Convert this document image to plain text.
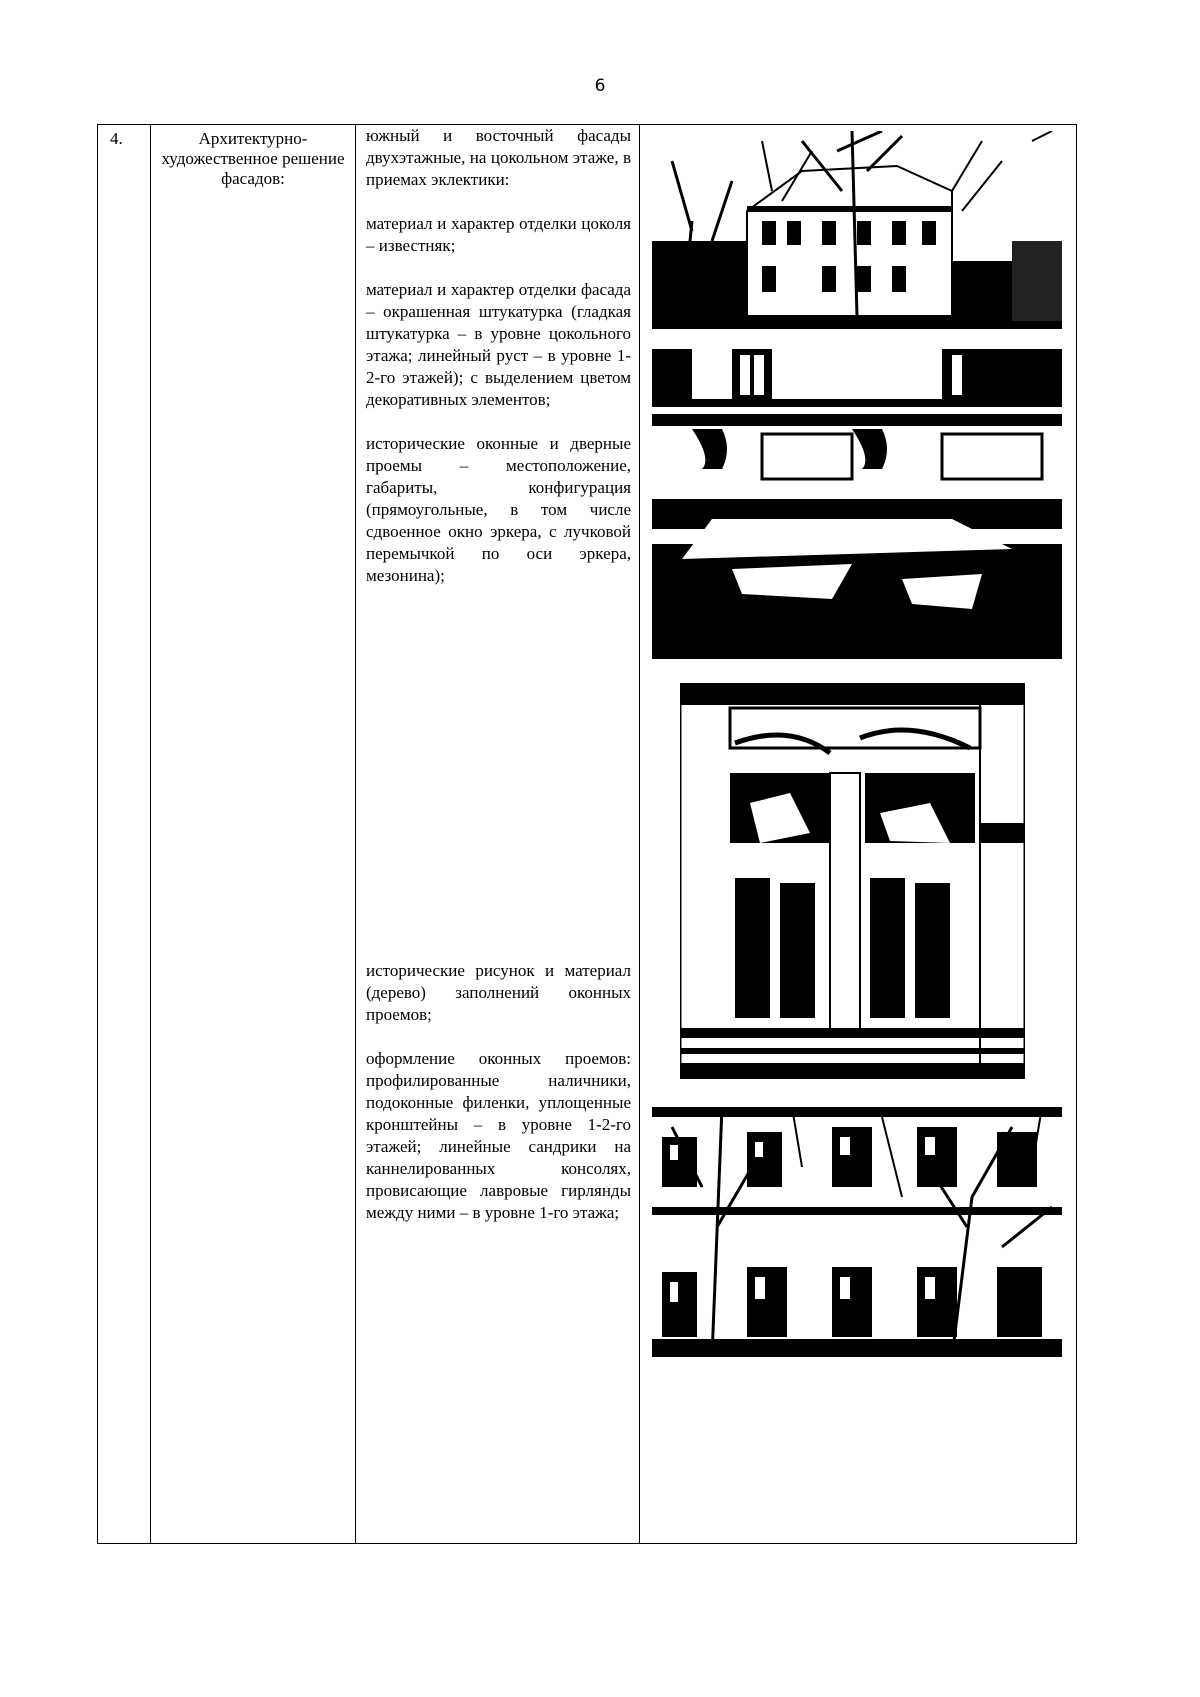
6
4.	Архитектурно-художественное решение фасадов:

южный и восточный фасады двухэтажные, на цокольном этаже, в приемах эклектики:

материал и характер отделки цоколя – известняк;

материал и характер отделки фасада – окрашенная штукатурка (гладкая штукатурка – в уровне цокольного этажа; линейный руст – в уровне 1-2-го этажей); с выделением цветом декоративных элементов;

исторические оконные и дверные проемы – местоположение, габариты, конфигурация (прямоугольные, в том числе сдвоенное окно эркера, с лучковой перемычкой по оси эркера, мезонина);

исторические рисунок и материал (дерево) заполнений оконных проемов;

оформление оконных проемов: профилированные наличники, подоконные филенки, уплощенные кронштейны – в уровне 1-2-го этажей; линейные сандрики на каннелированных консолях, провисающие лавровые гирлянды между ними – в уровне 1-го этажа;
